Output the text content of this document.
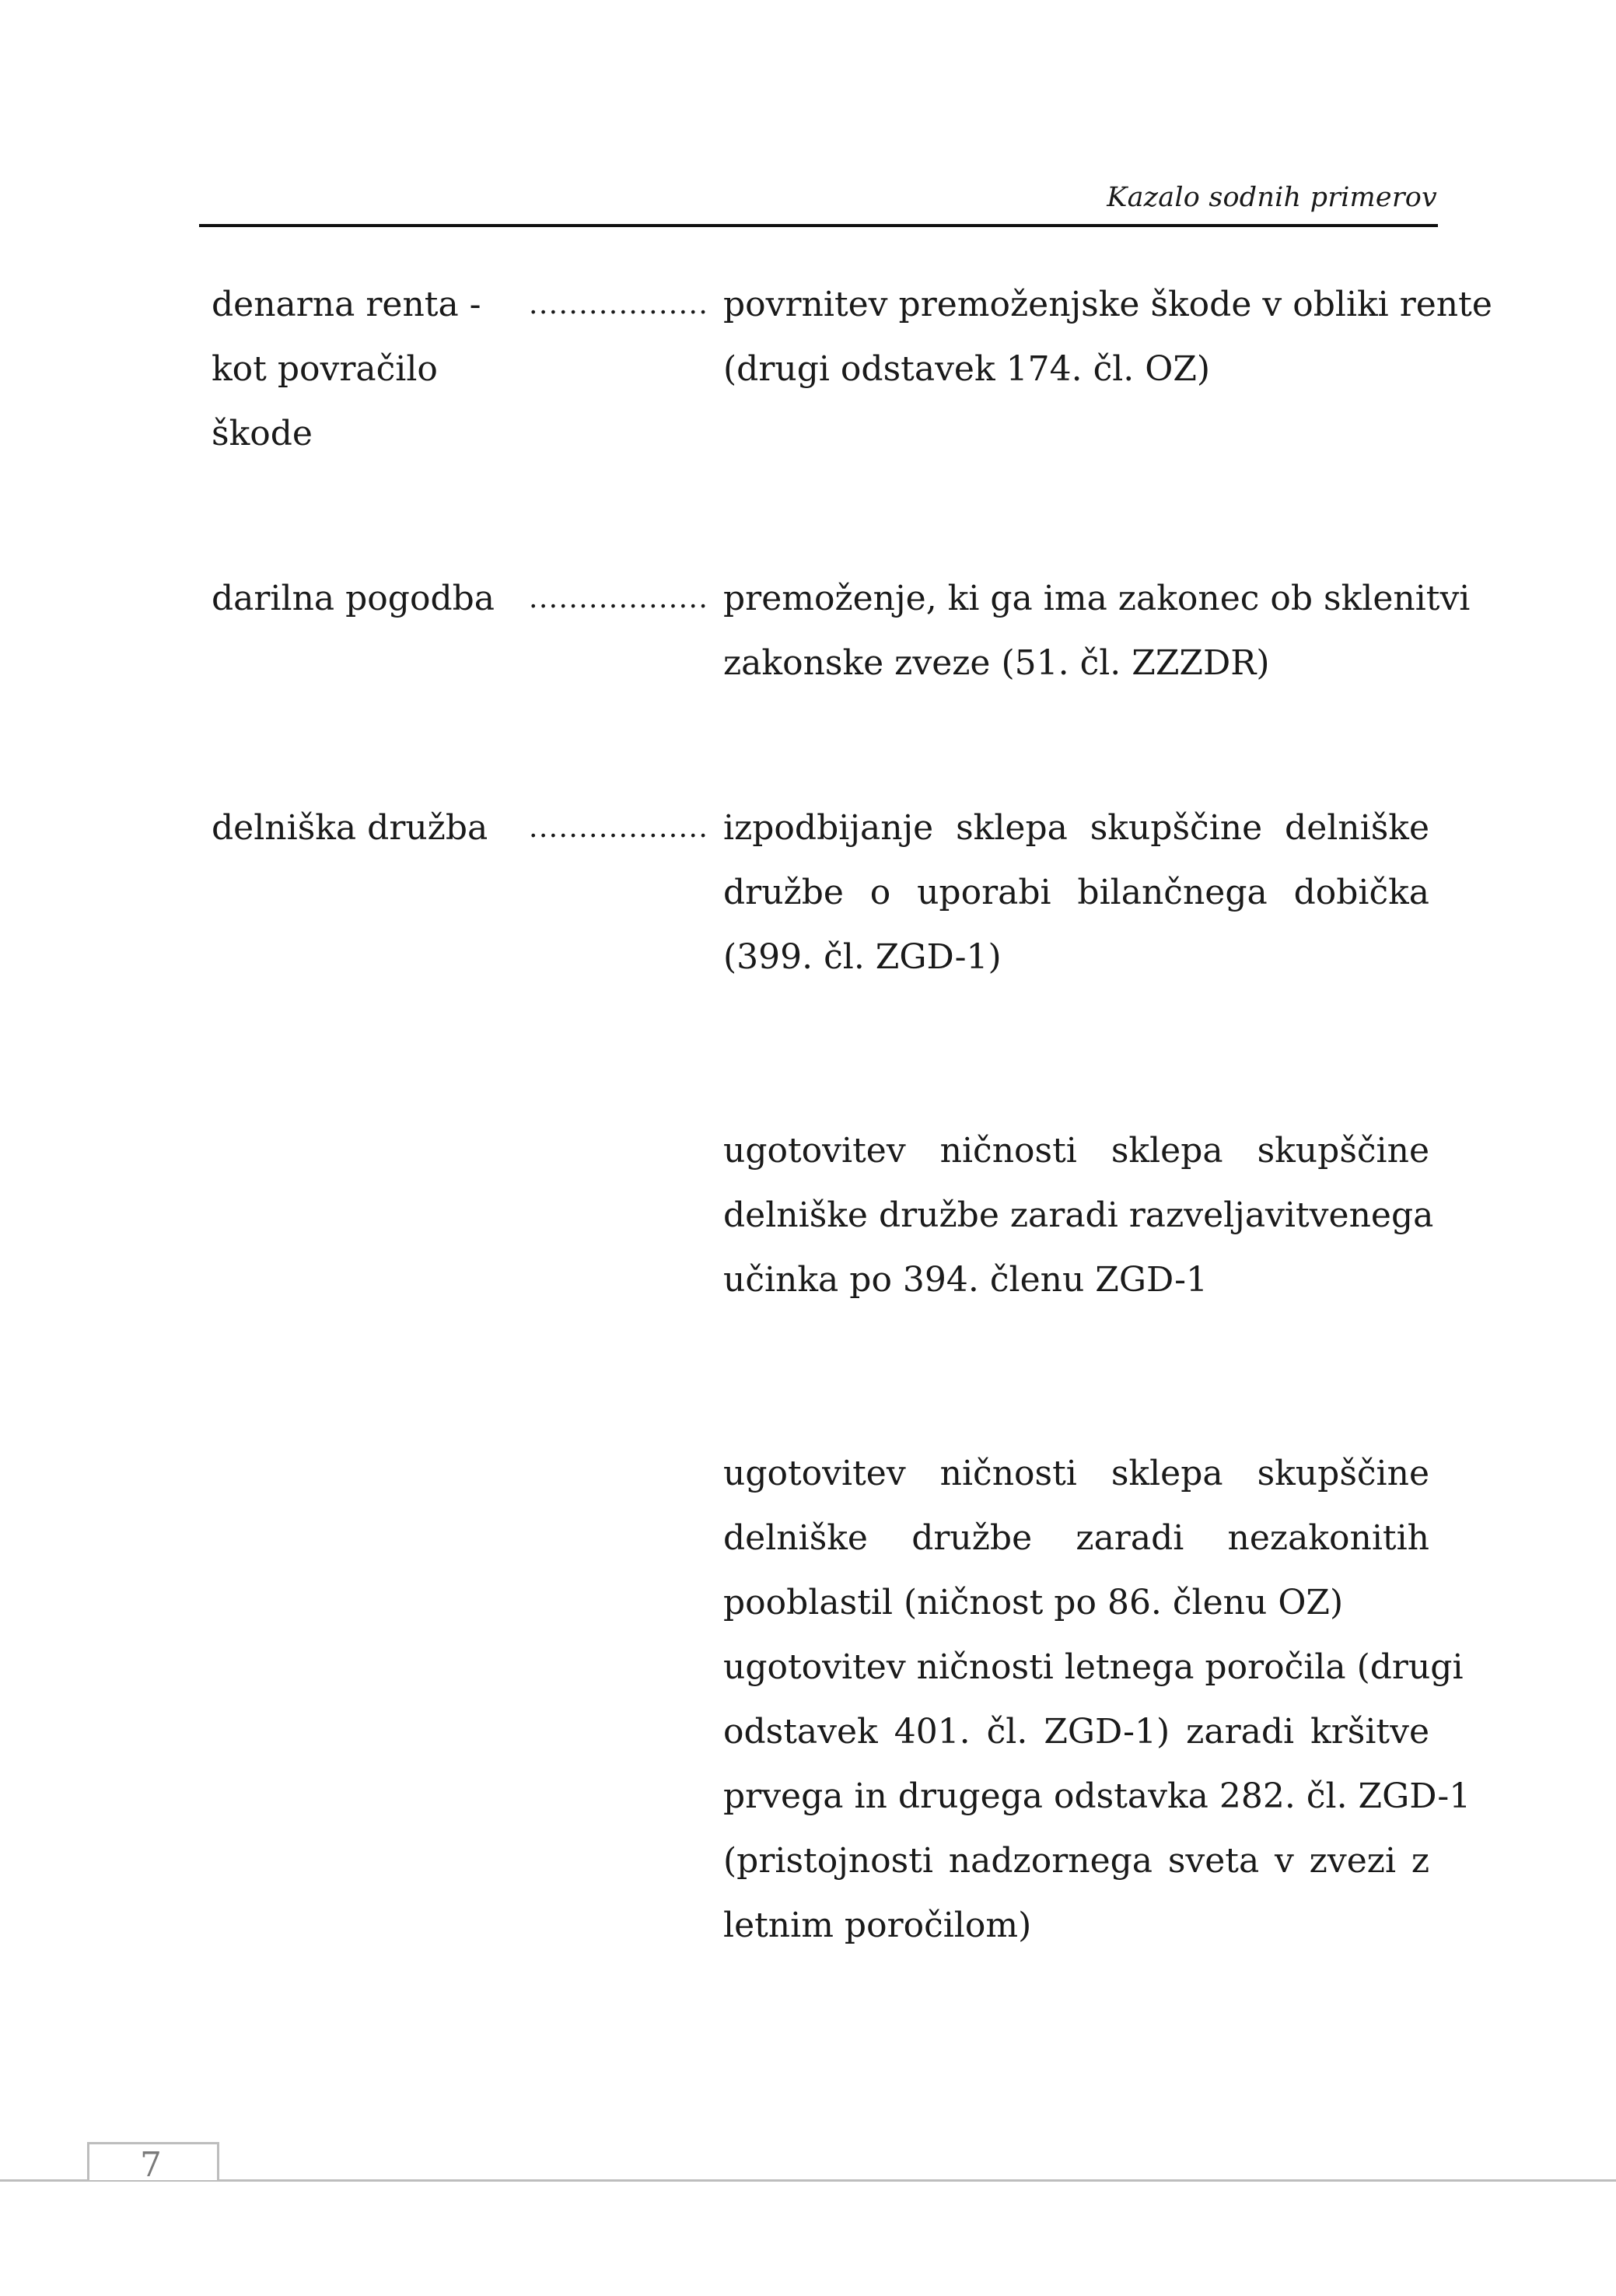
Kazalo sodnih primerov
denarna renta -
kot povračilo
škode
.................. povrnitev premoženjske škode v obliki rente
(drugi odstavek 174. čl. OZ)
darilna pogodba	.................. premoženje, ki ga ima zakonec ob sklenitvi
zakonske zveze (51. čl. ZZZDR)
delniška družba	.................. izpodbijanje sklepa skupščine delniške
družbe o uporabi bilančnega dobička
(399. čl. ZGD-1)
ugotovitev ničnosti sklepa skupščine
delniške družbe zaradi razveljavitvenega
učinka po 394. členu ZGD-1
ugotovitev ničnosti sklepa skupščine
delniške družbe zaradi nezakonitih
pooblastil (ničnost po 86. členu OZ)
ugotovitev ničnosti letnega poročila (drugi
odstavek 401. čl. ZGD-1) zaradi kršitve
prvega in drugega odstavka 282. čl. ZGD-1
(pristojnosti nadzornega sveta v zvezi z
letnim poročilom)
7
